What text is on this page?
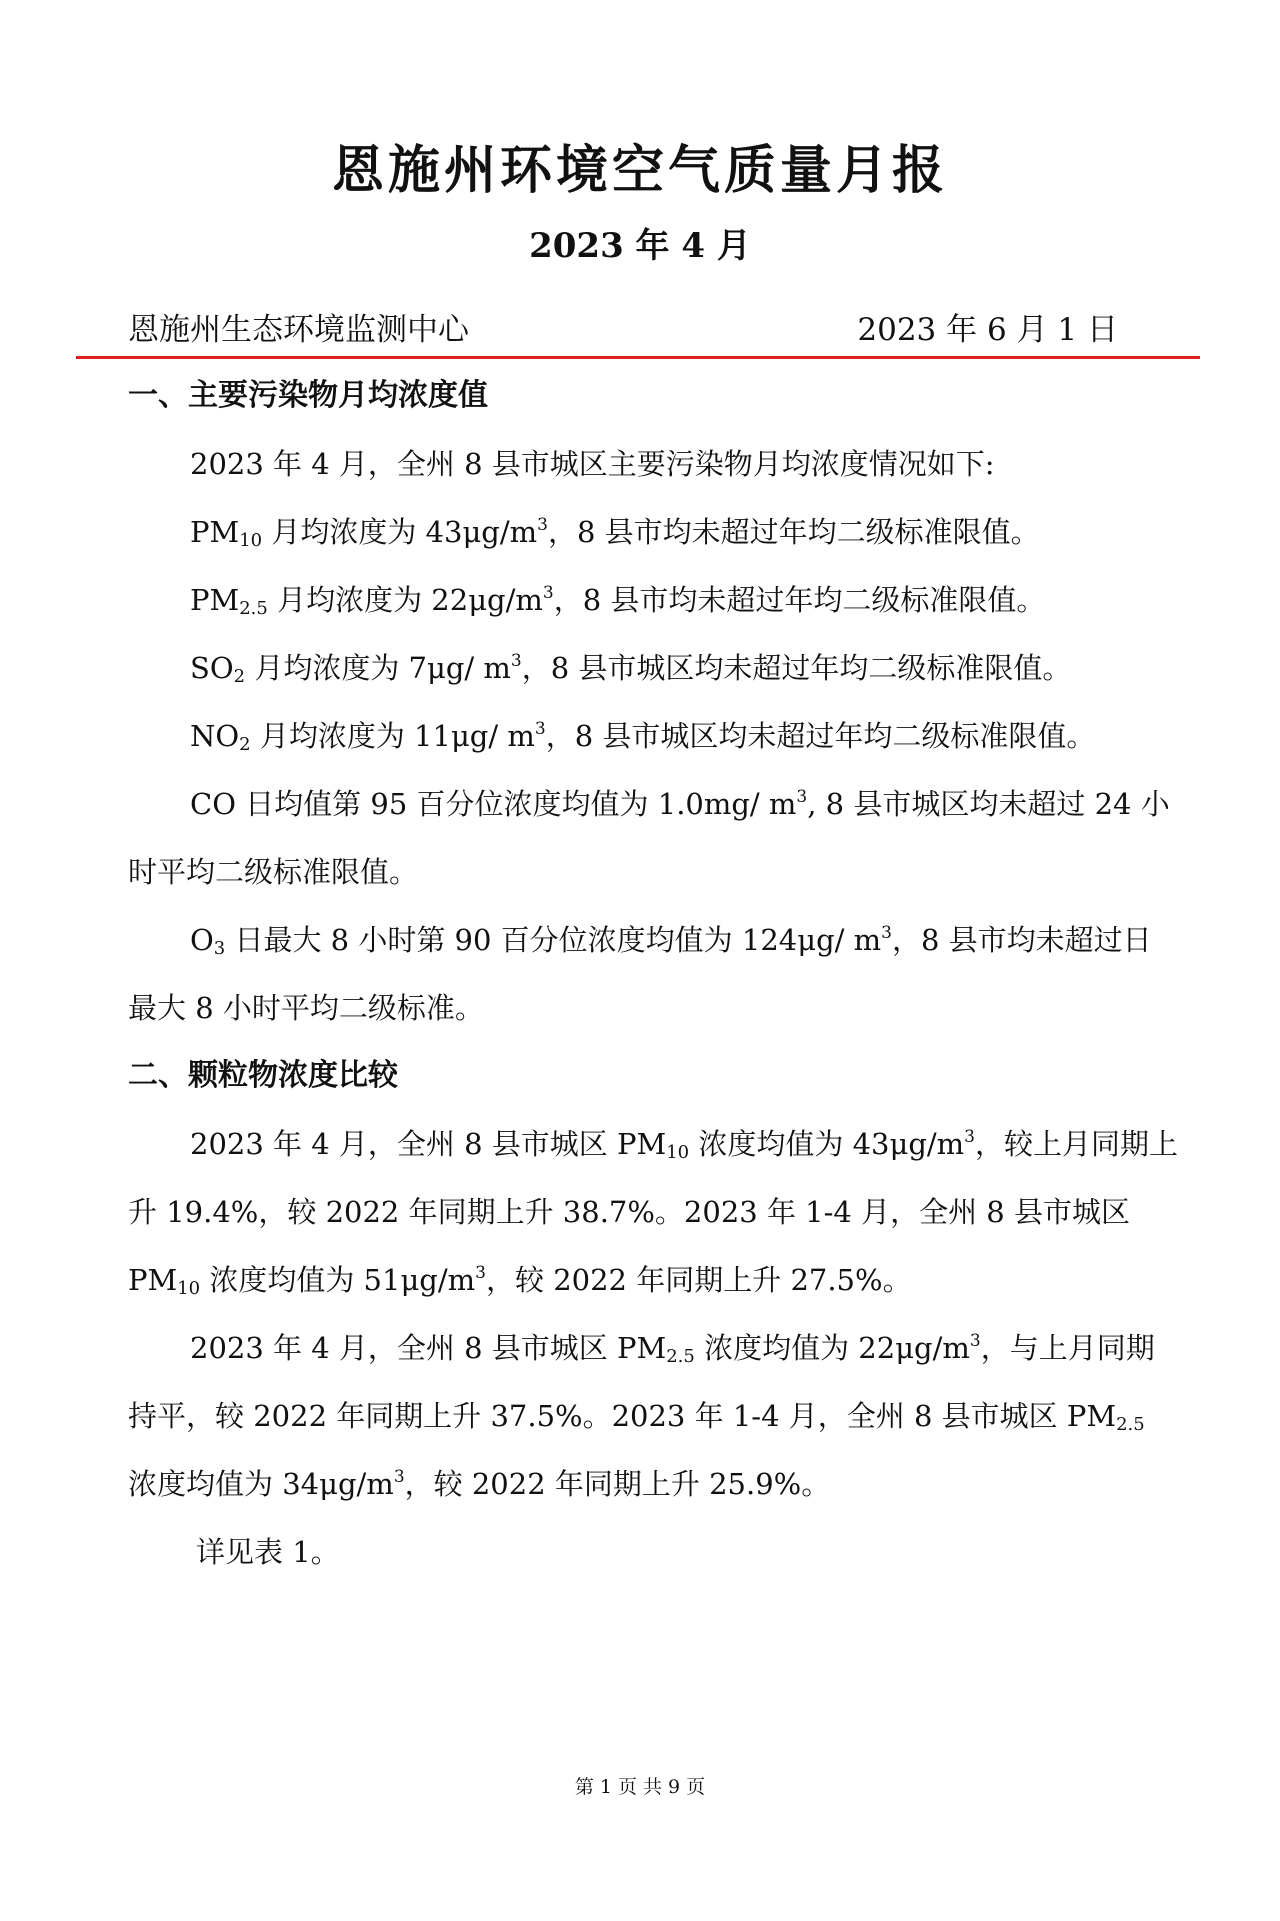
恩施州环境空气质量月报
2023 年 4 月
恩施州生态环境监测中心	2023 年 6 月 1 日

一、主要污染物月均浓度值

2023 年 4 月，全州 8 县市城区主要污染物月均浓度情况如下:

$PM_{10}$ 月均浓度为 $43\mu g/m^3$，8 县市均未超过年均二级标准限值。

$PM_{2.5}$ 月均浓度为 $22\mu g/m^3$，8 县市均未超过年均二级标准限值。

$SO_2$ 月均浓度为 7μg/ $m^3$，8 县市城区均未超过年均二级标准限值。

$NO_2$ 月均浓度为 11μg/ $m^3$，8 县市城区均未超过年均二级标准限值。

CO 日均值第 95 百分位浓度均值为 1.0mg/ $m^3$, 8 县市城区均未超过 24 小时平均二级标准限值。

$O_3$ 日最大 8 小时第 90 百分位浓度均值为 124μg/ $m^3$，8 县市均未超过日最大 8 小时平均二级标准。

二、颗粒物浓度比较

2023 年 4 月，全州 8 县市城区 $PM_{10}$ 浓度均值为 $43\mu g/m^3$，较上月同期上升 19.4%，较 2022 年同期上升 38.7%。2023 年 1-4 月，全州 8 县市城区 $PM_{10}$ 浓度均值为 $51\mu g/m^3$，较 2022 年同期上升 27.5%。

2023 年 4 月，全州 8 县市城区 $PM_{2.5}$ 浓度均值为 $22\mu g/m^3$，与上月同期持平，较 2022 年同期上升 37.5%。2023 年 1-4 月，全州 8 县市城区 $PM_{2.5}$ 浓度均值为 $34\mu g/m^3$，较 2022 年同期上升 25.9%。

详见表 1。

第 1 页 共 9 页
